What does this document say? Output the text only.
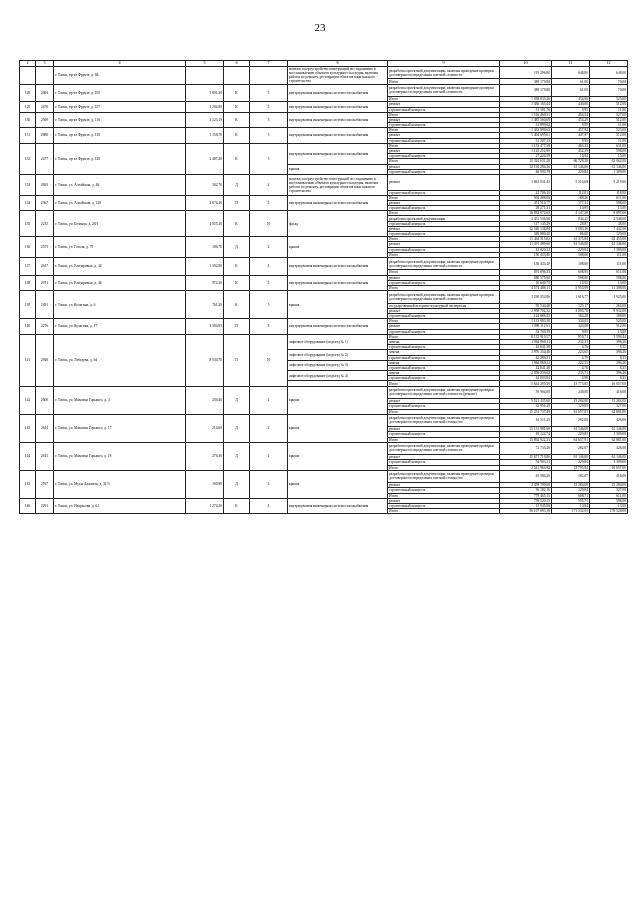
23
2	3	4	5	6	7	8	9	10	11	12
		г. Томск, пр-кт Фрунзе, д. 6Б				монтаж и переустройство конструкций по сохранению и восстановлению объектов культурного наследия, включая работы по ремонту, реставрации объектов капитального строительства	разработка проектной документации, включая проведение проверки достоверности определения сметной стоимости	119 296,80	648,00	648,00
							Итого	389 179,80	61,00	70,00
128	2404	г. Томск, пр-кт Фрунзе, д. 105	3 801,30	К	5	внутридомовая инженерная система газоснабжения	разработка проектной документации, включая проведение проверки достоверности определения сметной стоимости	389 179,80	61,00	70,00
							Итого	1 038 035,20	434,96	525,00
129	2470	г. Томск, пр-кт Фрунзе, д. 107	3 204,80	К	5	внутридомовая инженерная система газоснабжения	ремонт	1 436 165,44	440,00	512,00
							строительный контроль	31 181,76	9,95	11,00
130	2569	г. Томск, пр-кт Фрунзе, д. 116	3 123,19	К	5	внутридомовая инженерная система газоснабжения	Итого	1 516 460,31	464,54	527,00
							ремонт	1 485 560,69	454,29	512,00
							строительный контроль	31 899,62	9,95	11,00
131	2980	г. Томск, пр-кт Фрунзе, д. 118	3 158,70	К	5	внутридомовая инженерная система газоснабжения	Итого	1 433 899,62	457,92	523,00
							ремонт	1 404 695,61	447,97	512,00
							строительный контроль	31 207,23	9,95	11,00
132	2477	г. Томск, пр-кт Фрунзе, д. 120	2 487,40	К	5	внутридомовая инженерная система газоснабжения	Итого	1 153 477,38	463,33	631,00
							ремонт	1 125 252,99	452,39	598,00
							строительный контроль	27 224,59	10,94	15,00
							Итого	15 324 631,28	66 728,58	63 062,00
						крыша	ремонт	12 194 294,20	61 146,00	61 146,00
							строительный контроль	46 593,78	229,84	1 309,00
133	2693	г. Томск, ул. Алтайская, д. 46	302,70	Д	2	монтаж и переустройство конструкций по сохранению и восстановлению объектов культурного наследия, включая работы по ремонту, реставрации объектов капитального строительства	ремонт	1 061 031,45	5 214,69	5 219,00
							строительный контроль	22 706,10	112,01	118,00
134	2367	г. Томск, ул. Алтайская, д. 120	2 674,40	П	5	внутридомовая инженерная система газоснабжения	Итого	503 488,08	188,26	611,00
							ремонт	474 516,77	177,31	598,00
							строительный контроль	29 271,31	10,95	13,00
135	2235	г. Томск, ул. Беленца, д. 28/1	4 055,10	К	10	фасад	Итого	16 832 072,63	4 147,28	9 897,00
							разработка проектной документации	3 451 536,90	844,25	2 548,00
							строительный контроль	117 145,29	28,87	48,00
							ремонт	12 540 138,84	3 093,16	7 442,00
							строительный контроль	349 880,40	86,00	129,00
136	2575	г. Томск, ул. Гоголя, д. 79	186,70	Д	2	крыша	Итого	11 434 315,02	61 375,84	62 455,00
							ремонт	11 391 499,60	61 146,00	61 146,00
							строительный контроль	42 820,22	229,84	1 309,00
							Итого	150 433,40	108,00	111,00
137	2617	г. Томск, ул. Елизаровых, д. 44	1 392,80	К	4	внутридомовая инженерная система газоснабжения	разработка проектной документации, включая проведение проверки достоверности определения сметной стоимости	150 433,40	108,00	111,00
							Итого	591 096,33	608,95	611,00
138	2971	г. Томск, ул. Елизаровых, д. 46	972,20	К	5	внутридомовая инженерная система газоснабжения	ремонт	580 575,60	598,00	598,00
							строительный контроль	10 640,73	10,95	13,00
							Итого	4 574 486,11	5 953,99	11 308,00
139	2491	г. Томск, ул. Кулагина, д. 6	761,20	К	5	крыша	разработка проектной документации, включая проведение проверки достоверности определения сметной стоимости	1 230 352,86	1 616,77	1 925,00
							государственной историко-культурной экспертизы	95 544,40	125,17	264,00
							ремонт	2 958 702,32	3 093,78	8 932,00
							строительный контроль	124 686,53	164,28	189,00
140	2276	г. Томск, ул. Кулагина, д. 17	3 394,95	П	5	внутридомовая инженерная система газоснабжения	Итого	1 133 883,30	334,03	525,00
							ремонт	1 098 112,91	324,08	512,00
							строительный контроль	33 769,39	9,95	13,00
141	2940	г. Томск, ул. Лебедева, д. 64	8 530,70	П	10	лифтовое оборудование (подъезд № 1)	Итого	8 133 910,57	950,71	1 594,44
							замена	1 964 860,11	232,33	396,26
							строительный контроль	42 041,38	4,76	8,35
						лифтовое оборудование (подъезд № 2)	замена	1 976 154,46	223,65	396,26
							строительный контроль	42 289,51	4,79	8,35
						лифтовое оборудование (подъезд № 3)	замена	1 964 860,11	222,53	396,26
							строительный контроль	42 041,38	4,76	8,35
						лифтовое оборудование (подъезд № 4)	замена	2 056 239,02	233,71	396,26
							строительный контроль	44 003,84	4,98	8,35
							Итого	5 634 295,39	15 775,85	16 057,00
142	2600	г. Томск, ул. Максима Горького, д. 4	250,40	Д	2	крыша	разработка проектной документации, включая проведение проверки достоверности определения сметной стоимости (ремонт)	59 904,00	240,00	416,00
							ремонт	5 521 435,60	15 284,00	15 284,00
							строительный контроль	32 956,29	129,85	327,00
							Итого	15 251 737,49	61 657,91	62 881,00
143	2614	г. Томск, ул. Максима Горького, д. 17	214,60	Д	2	крыша	разработка проектной документации, включая проведение проверки достоверности определения сметной стоимости	61 511,25	282,00	426,00
							ремонт	15 131 981,60	61 146,00	61 146,00
							строительный контроль	49 124,74	229,85	1 309,00
							Итого	15 892 922,33	61 657,91	62 881,00
144	2615	г. Томск, ул. Максима Горького, д. 18	276,30	Д	2	крыша	разработка проектной документации, включая проведение проверки достоверности определения сметной стоимости	72 733,26	282,07	426,00
							ремонт	15 671 719,80	61 146,00	61 146,00
							строительный контроль	54 903,21	229,84	1 309,00
							Итого	2 541 964,92	15 795,94	16 057,00
145	2767	г. Томск, ул. Мусы Джалиля, д. 31/3	160,90	Д	3	крыша	разработка проектной документации, включая проведение проверки достоверности определения сметной стоимости	45 384,26	182,07	416,00
							ремонт	2 459 199,60	15 284,00	15 284,00
							строительный контроль	36 182,16	129,84	327,00
							Итого	779 465,15	608,71	611,00
146	2291	г. Томск, ул. Некрасова, д. 61	1 274,20	К	4	внутридомовая инженерная система газоснабжения	ремонт	759 520,15	595,71	598,00
							строительный контроль	15 945,00	10,94	13,00
							Итого	56 107 093,18	171 532,93	176 528,00
